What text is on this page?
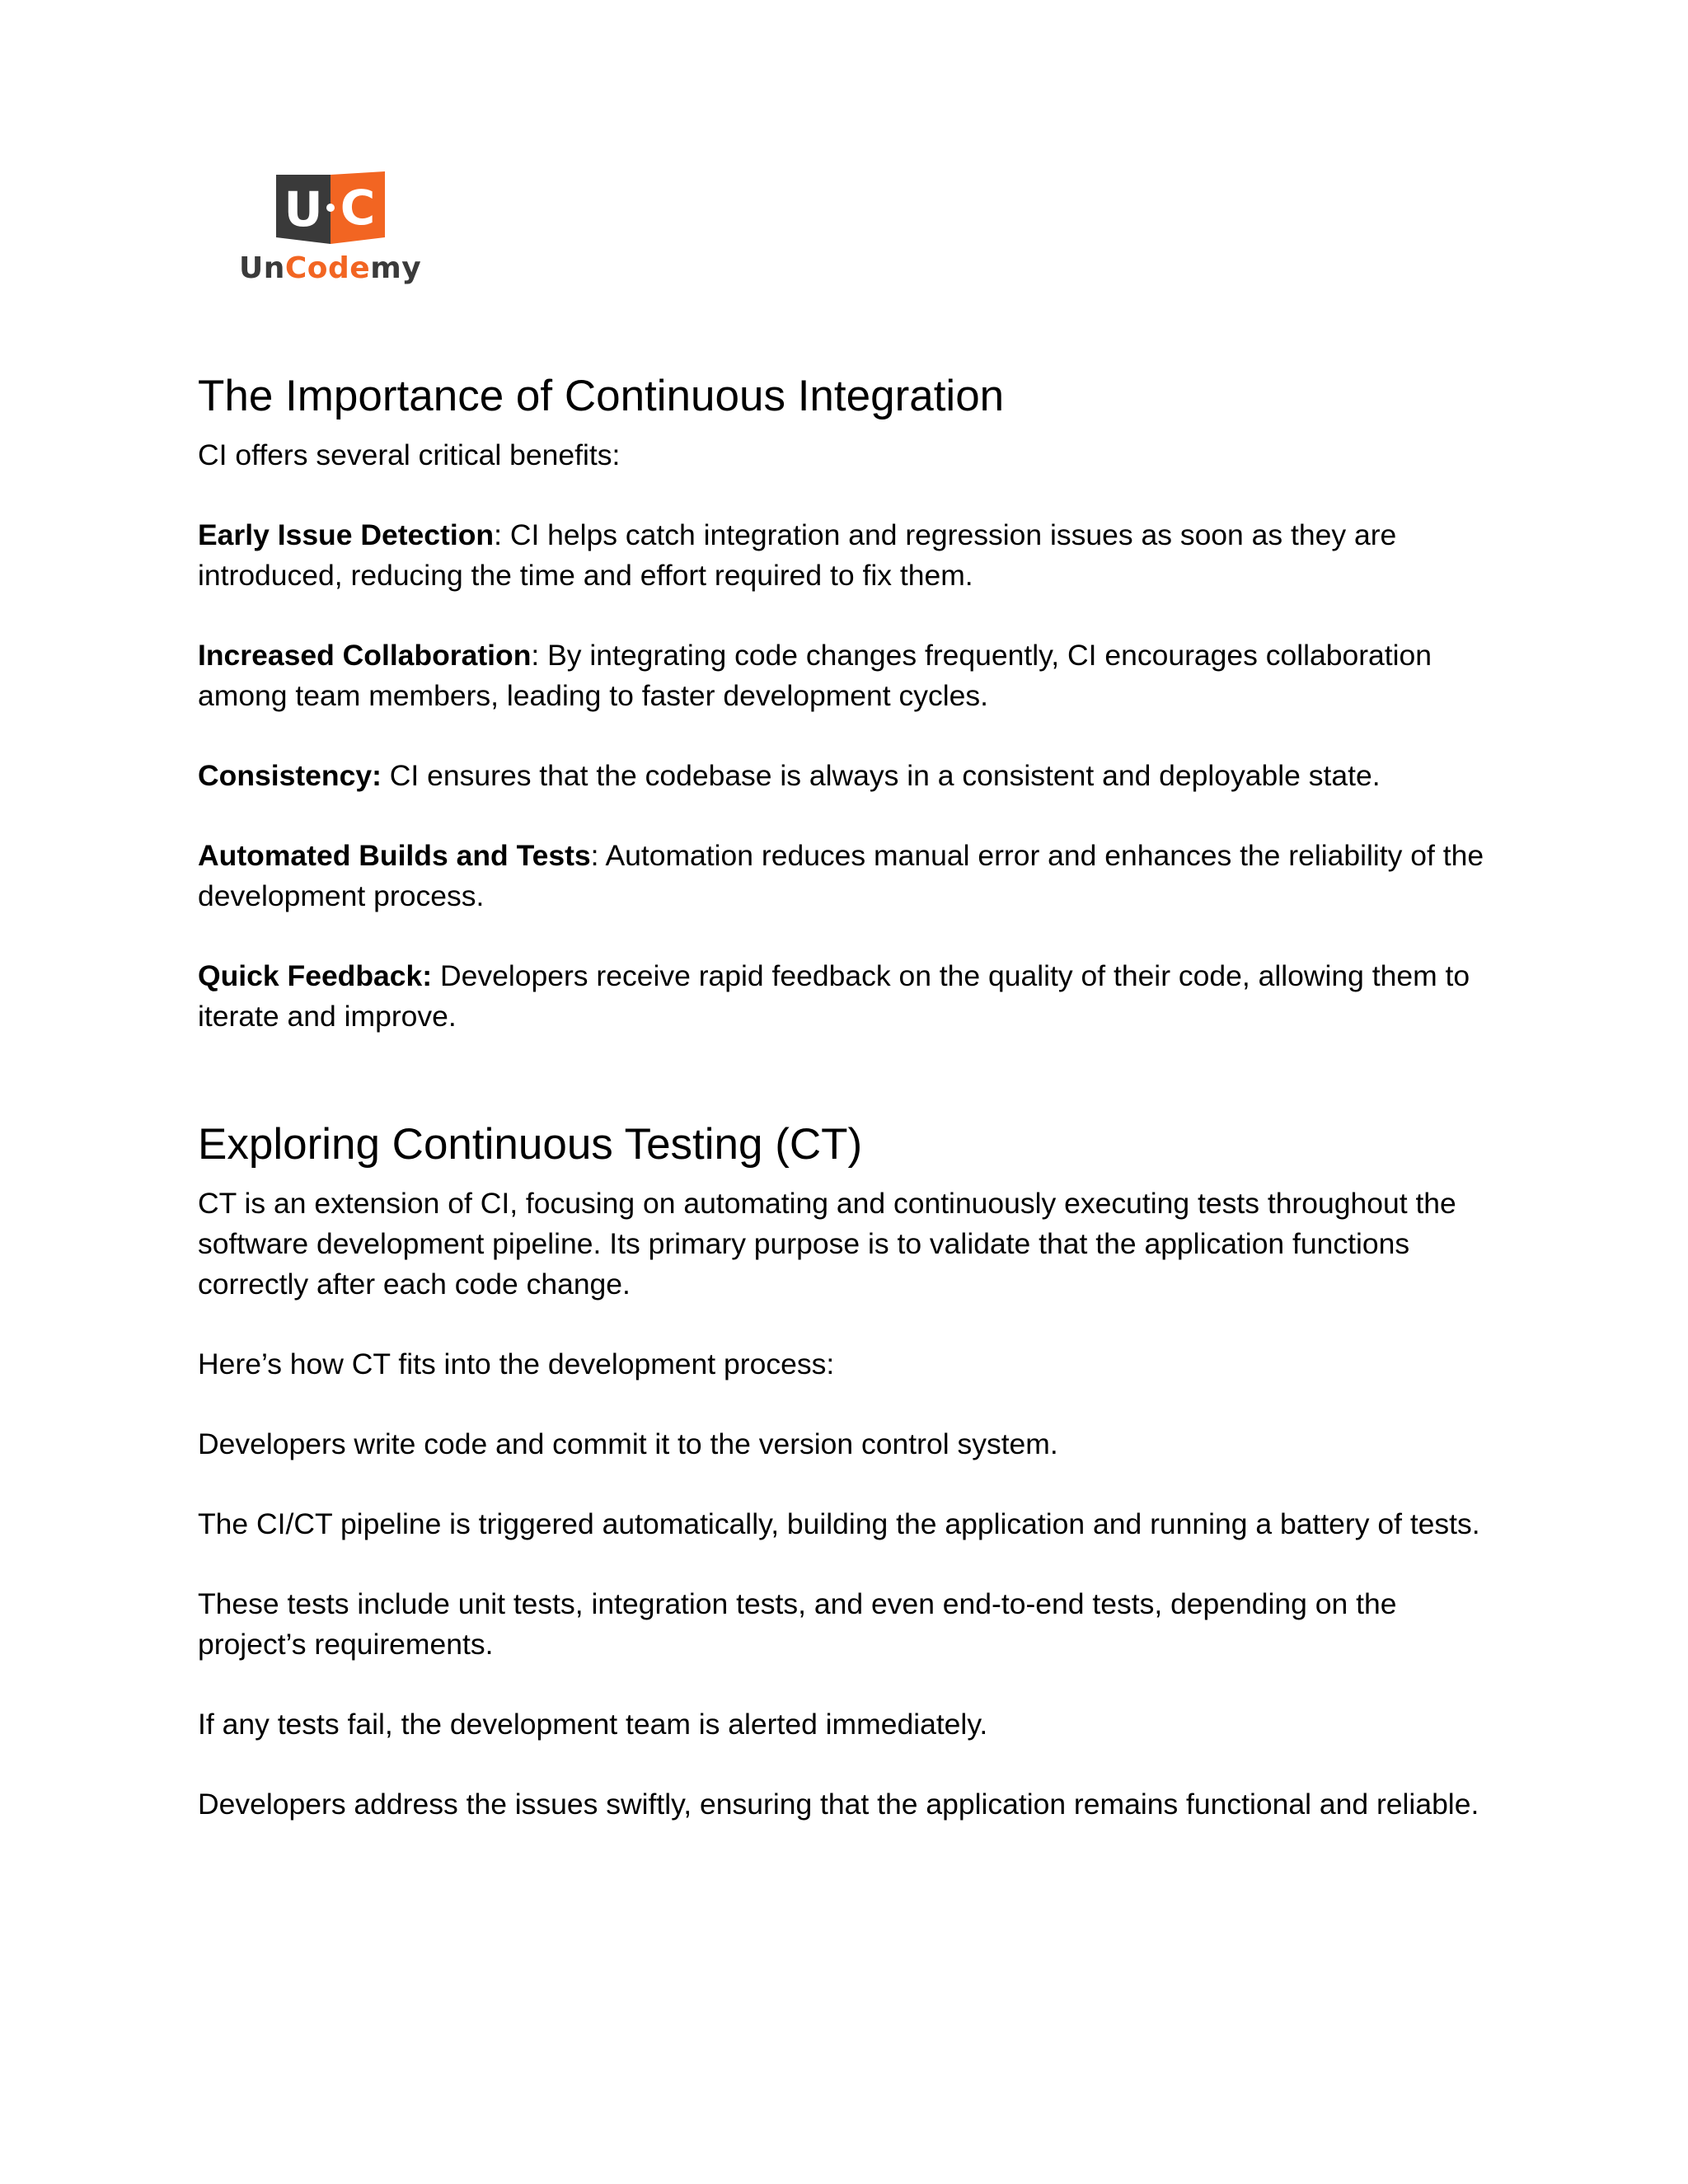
U C
UnCodemy
The Importance of Continuous Integration

CI offers several critical benefits:

Early Issue Detection: CI helps catch integration and regression issues as soon as they are introduced, reducing the time and effort required to fix them.

Increased Collaboration: By integrating code changes frequently, CI encourages collaboration among team members, leading to faster development cycles.

Consistency: CI ensures that the codebase is always in a consistent and deployable state.

Automated Builds and Tests: Automation reduces manual error and enhances the reliability of the development process.

Quick Feedback: Developers receive rapid feedback on the quality of their code, allowing them to iterate and improve.

Exploring Continuous Testing (CT)

CT is an extension of CI, focusing on automating and continuously executing tests throughout the software development pipeline. Its primary purpose is to validate that the application functions correctly after each code change.

Here’s how CT fits into the development process:

Developers write code and commit it to the version control system.

The CI/CT pipeline is triggered automatically, building the application and running a battery of tests.

These tests include unit tests, integration tests, and even end-to-end tests, depending on the project’s requirements.

If any tests fail, the development team is alerted immediately.

Developers address the issues swiftly, ensuring that the application remains functional and reliable.
